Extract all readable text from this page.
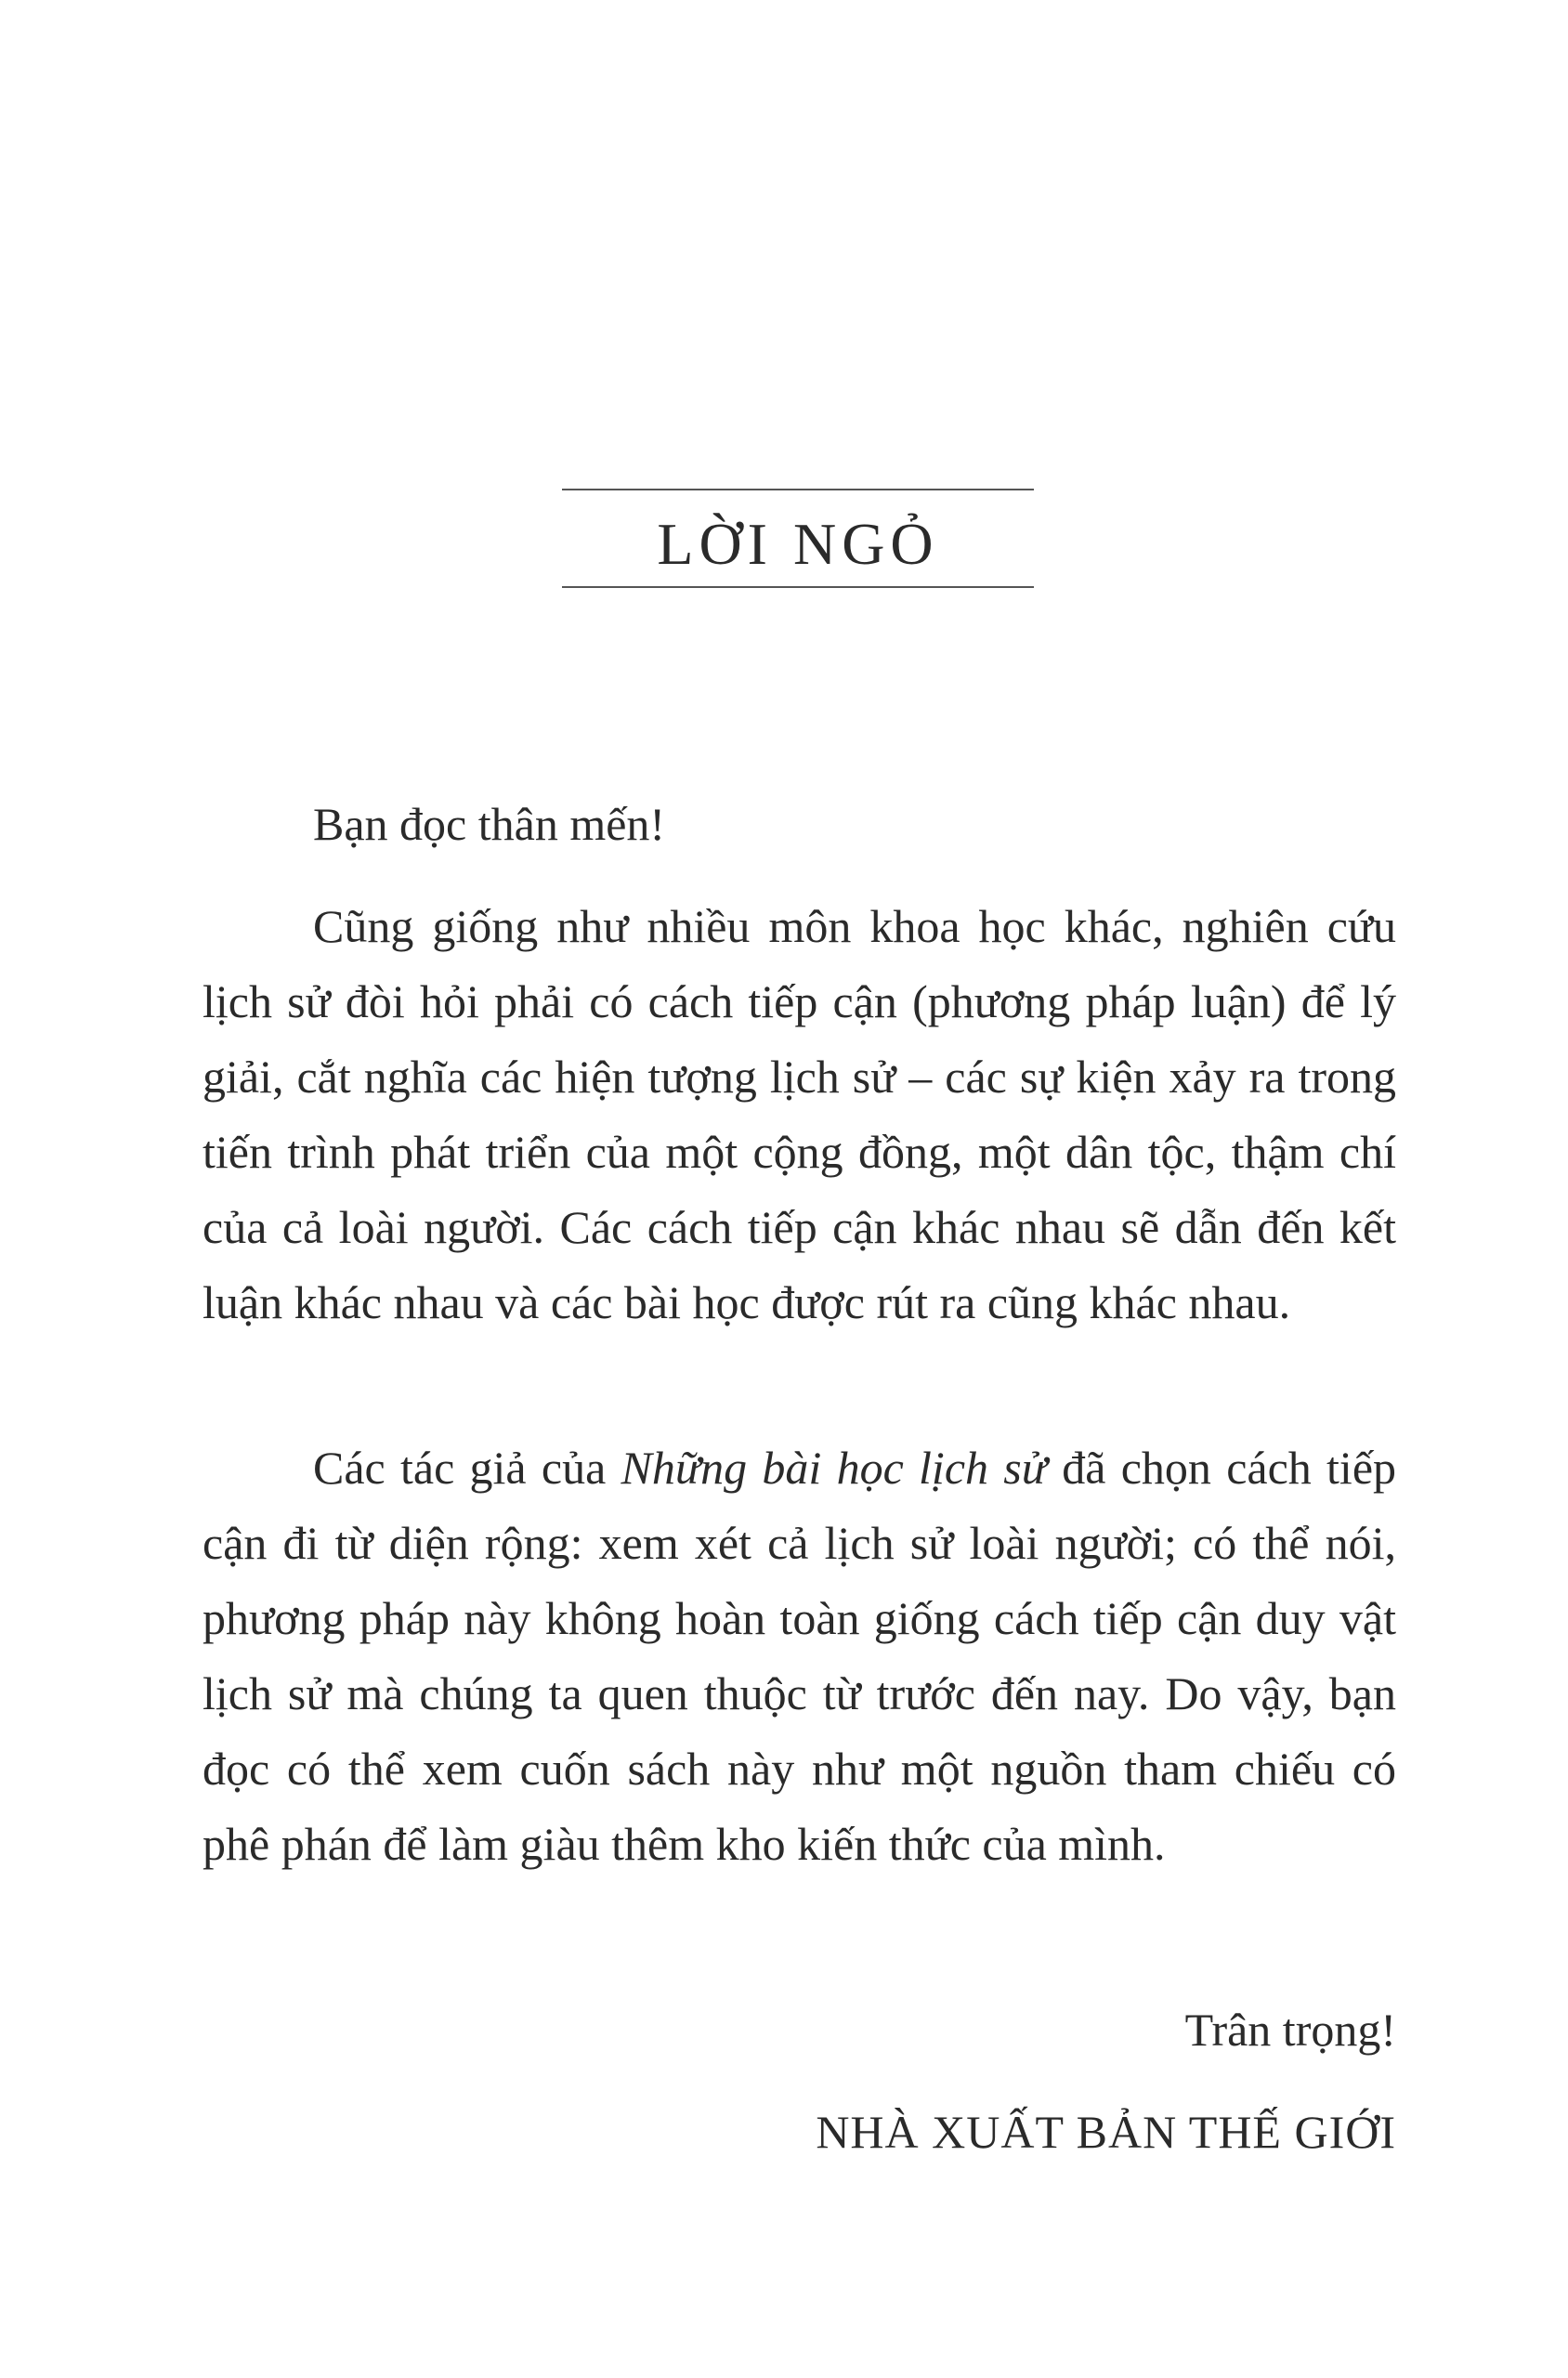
LỜI NGỎ
Bạn đọc thân mến!
Cũng giống như nhiều môn khoa học khác, nghiên cứu lịch sử đòi hỏi phải có cách tiếp cận (phương pháp luận) để lý giải, cắt nghĩa các hiện tượng lịch sử – các sự kiện xảy ra trong tiến trình phát triển của một cộng đồng, một dân tộc, thậm chí của cả loài người. Các cách tiếp cận khác nhau sẽ dẫn đến kết luận khác nhau và các bài học được rút ra cũng khác nhau.
Các tác giả của Những bài học lịch sử đã chọn cách tiếp cận đi từ diện rộng: xem xét cả lịch sử loài người; có thể nói, phương pháp này không hoàn toàn giống cách tiếp cận duy vật lịch sử mà chúng ta quen thuộc từ trước đến nay. Do vậy, bạn đọc có thể xem cuốn sách này như một nguồn tham chiếu có phê phán để làm giàu thêm kho kiến thức của mình.
Trân trọng!
NHÀ XUẤT BẢN THẾ GIỚI
